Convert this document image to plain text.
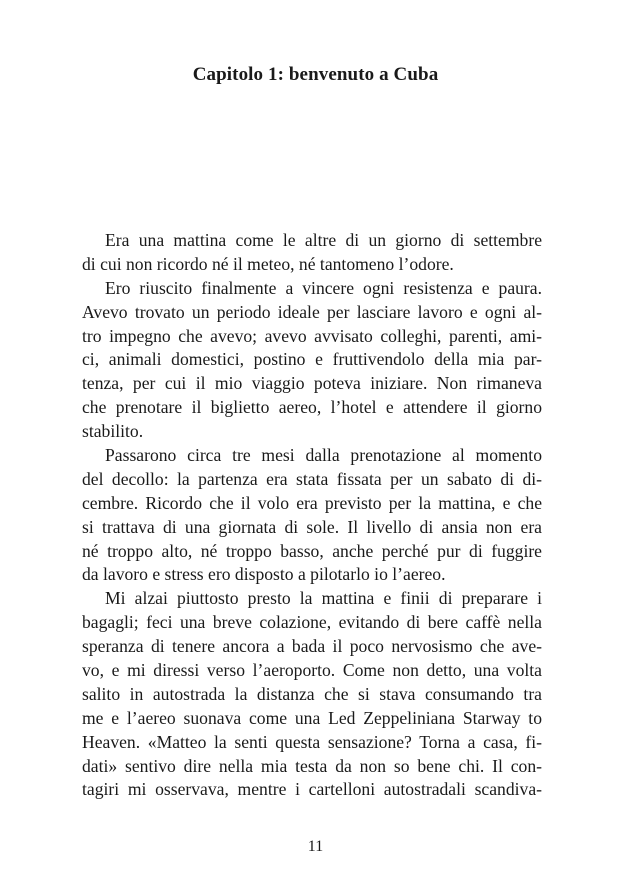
Capitolo 1: benvenuto a Cuba
Era una mattina come le altre di un giorno di settembre
di cui non ricordo né il meteo, né tantomeno l’odore.
Ero riuscito finalmente a vincere ogni resistenza e paura.
Avevo trovato un periodo ideale per lasciare lavoro e ogni al-
tro impegno che avevo; avevo avvisato colleghi, parenti, ami-
ci, animali domestici, postino e fruttivendolo della mia par-
tenza, per cui il mio viaggio poteva iniziare. Non rimaneva
che prenotare il biglietto aereo, l’hotel e attendere il giorno
stabilito.
Passarono circa tre mesi dalla prenotazione al momento
del decollo: la partenza era stata fissata per un sabato di di-
cembre. Ricordo che il volo era previsto per la mattina, e che
si trattava di una giornata di sole. Il livello di ansia non era
né troppo alto, né troppo basso, anche perché pur di fuggire
da lavoro e stress ero disposto a pilotarlo io l’aereo.
Mi alzai piuttosto presto la mattina e finii di preparare i
bagagli; feci una breve colazione, evitando di bere caffè nella
speranza di tenere ancora a bada il poco nervosismo che ave-
vo, e mi diressi verso l’aeroporto. Come non detto, una volta
salito in autostrada la distanza che si stava consumando tra
me e l’aereo suonava come una Led Zeppeliniana Starway to
Heaven. «Matteo la senti questa sensazione? Torna a casa, fi-
dati» sentivo dire nella mia testa da non so bene chi. Il con-
tagiri mi osservava, mentre i cartelloni autostradali scandiva-
11
